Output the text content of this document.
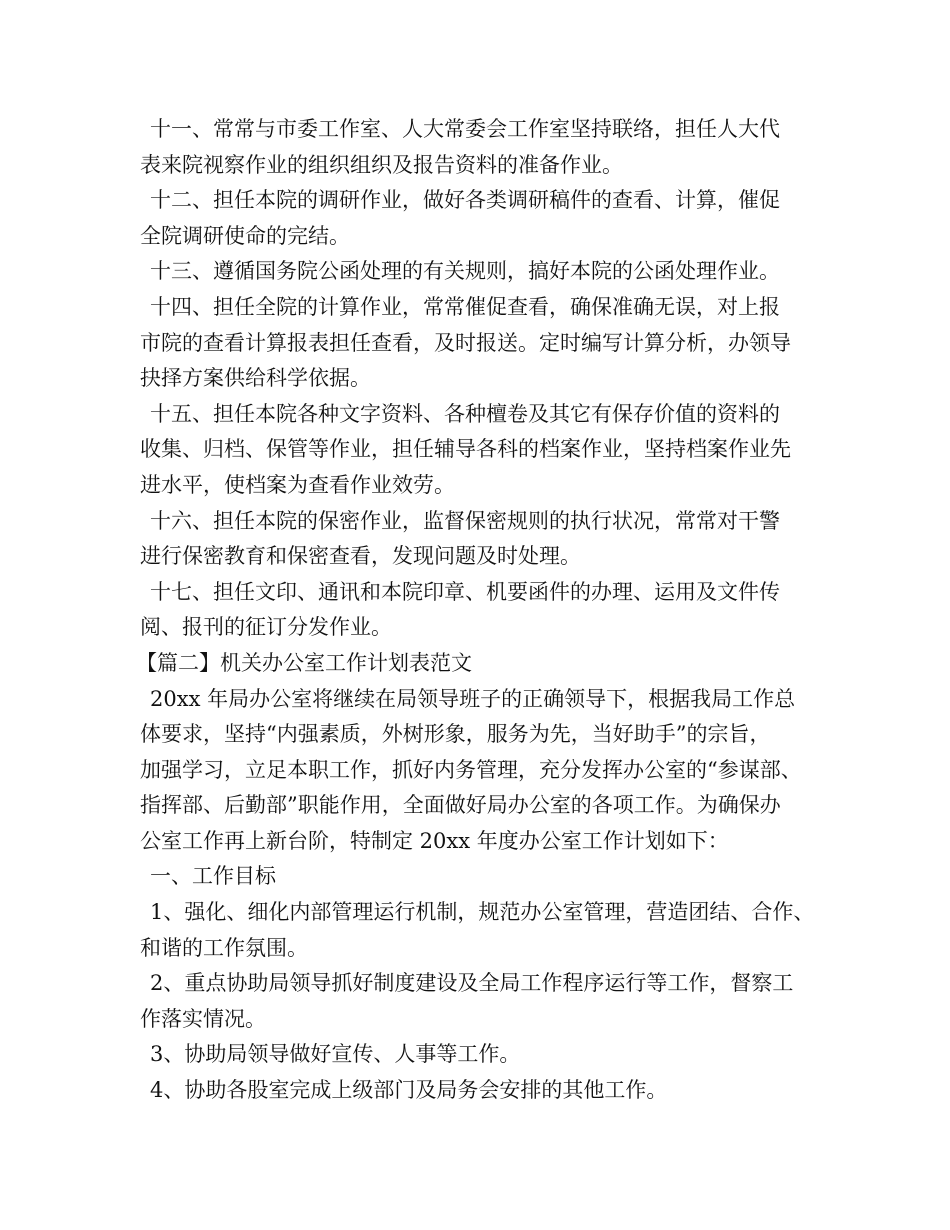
十一、常常与市委工作室、人大常委会工作室坚持联络，担任人大代
表来院视察作业的组织组织及报告资料的准备作业。
十二、担任本院的调研作业，做好各类调研稿件的查看、计算，催促
全院调研使命的完结。
十三、遵循国务院公函处理的有关规则，搞好本院的公函处理作业。
十四、担任全院的计算作业，常常催促查看，确保准确无误，对上报
市院的查看计算报表担任查看，及时报送。定时编写计算分析，办领导
抉择方案供给科学依据。
十五、担任本院各种文字资料、各种檀卷及其它有保存价值的资料的
收集、归档、保管等作业，担任辅导各科的档案作业，坚持档案作业先
进水平，使档案为查看作业效劳。
十六、担任本院的保密作业，监督保密规则的执行状况，常常对干警
进行保密教育和保密查看，发现问题及时处理。
十七、担任文印、通讯和本院印章、机要函件的办理、运用及文件传
阅、报刊的征订分发作业。
【篇二】机关办公室工作计划表范文
20xx 年局办公室将继续在局领导班子的正确领导下，根据我局工作总
体要求，坚持“内强素质，外树形象，服务为先，当好助手”的宗旨，
加强学习，立足本职工作，抓好内务管理，充分发挥办公室的“参谋部、
指挥部、后勤部”职能作用，全面做好局办公室的各项工作。为确保办
公室工作再上新台阶，特制定 20xx 年度办公室工作计划如下：
一、工作目标
1、强化、细化内部管理运行机制，规范办公室管理，营造团结、合作、
和谐的工作氛围。
2、重点协助局领导抓好制度建设及全局工作程序运行等工作，督察工
作落实情况。
3、协助局领导做好宣传、人事等工作。
4、协助各股室完成上级部门及局务会安排的其他工作。
